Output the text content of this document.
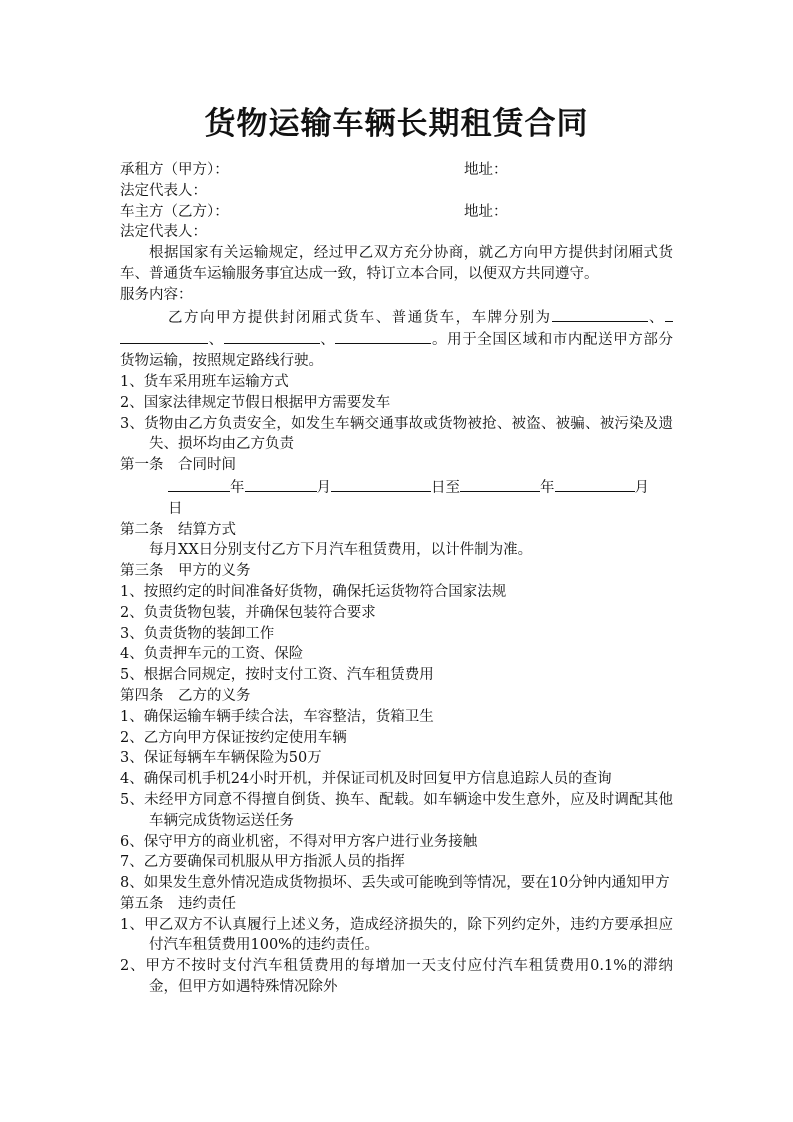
货物运输车辆长期租赁合同
承租方（甲方）：	地址：
法定代表人：
车主方（乙方）：	地址：
法定代表人：
根据国家有关运输规定，经过甲乙双方充分协商，就乙方向甲方提供封闭厢式货车、普通货车运输服务事宜达成一致，特订立本合同，以便双方共同遵守。
服务内容：
乙方向甲方提供封闭厢式货车、普通货车，车牌分别为	、 、	、	。用于全国区域和市内配送甲方部分货物运输，按照规定路线行驶。
1、货车采用班车运输方式
2、国家法律规定节假日根据甲方需要发车
3、货物由乙方负责安全，如发生车辆交通事故或货物被抢、被盗、被骗、被污染及遗失、损坏均由乙方负责
第一条　合同时间
年	月	日至	年	月
日
第二条　结算方式
每月XX日分别支付乙方下月汽车租赁费用，以计件制为准。
第三条　甲方的义务
1、按照约定的时间准备好货物，确保托运货物符合国家法规
2、负责货物包装，并确保包装符合要求
3、负责货物的装卸工作
4、负责押车元的工资、保险
5、根据合同规定，按时支付工资、汽车租赁费用
第四条　乙方的义务
1、确保运输车辆手续合法，车容整洁，货箱卫生
2、乙方向甲方保证按约定使用车辆
3、保证每辆车车辆保险为50万
4、确保司机手机24小时开机，并保证司机及时回复甲方信息追踪人员的查询
5、未经甲方同意不得擅自倒货、换车、配载。如车辆途中发生意外，应及时调配其他车辆完成货物运送任务
6、保守甲方的商业机密，不得对甲方客户进行业务接触
7、乙方要确保司机服从甲方指派人员的指挥
8、如果发生意外情况造成货物损坏、丢失或可能晚到等情况，要在10分钟内通知甲方
第五条　违约责任
1、甲乙双方不认真履行上述义务，造成经济损失的，除下列约定外，违约方要承担应付汽车租赁费用100%的违约责任。
2、甲方不按时支付汽车租赁费用的每增加一天支付应付汽车租赁费用0.1%的滞纳金，但甲方如遇特殊情况除外
